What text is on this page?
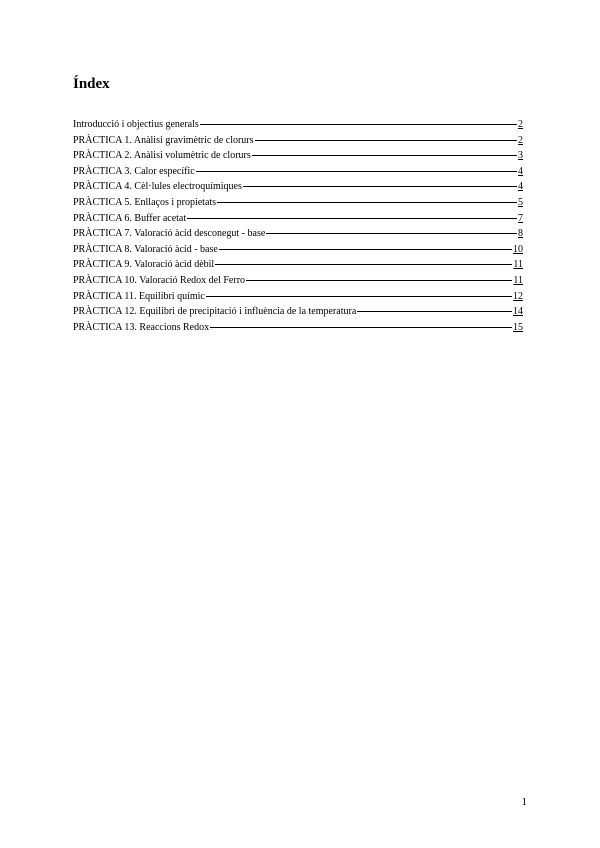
Índex
Introducció i objectius generals	2
PRÀCTICA 1. Anàlisi gravimètric de clorurs	2
PRÀCTICA 2. Anàlisi volumètric de clorurs	3
PRÀCTICA 3. Calor específic	4
PRÀCTICA 4. Cèl·lules electroquímiques	4
PRÀCTICA 5. Enllaços i propietats	5
PRÀCTICA 6. Buffer acetat	7
PRÀCTICA 7. Valoració àcid desconegut - base	8
PRÀCTICA 8. Valoració àcid - base	10
PRÀCTICA 9. Valoració àcid dèbil	11
PRÀCTICA 10. Valoració Redox del Ferro	11
PRÀCTICA 11. Equilibri químic	12
PRÀCTICA 12. Equilibri de precipitació i influència de la temperatura	14
PRÀCTICA 13. Reaccions Redox	15
1
